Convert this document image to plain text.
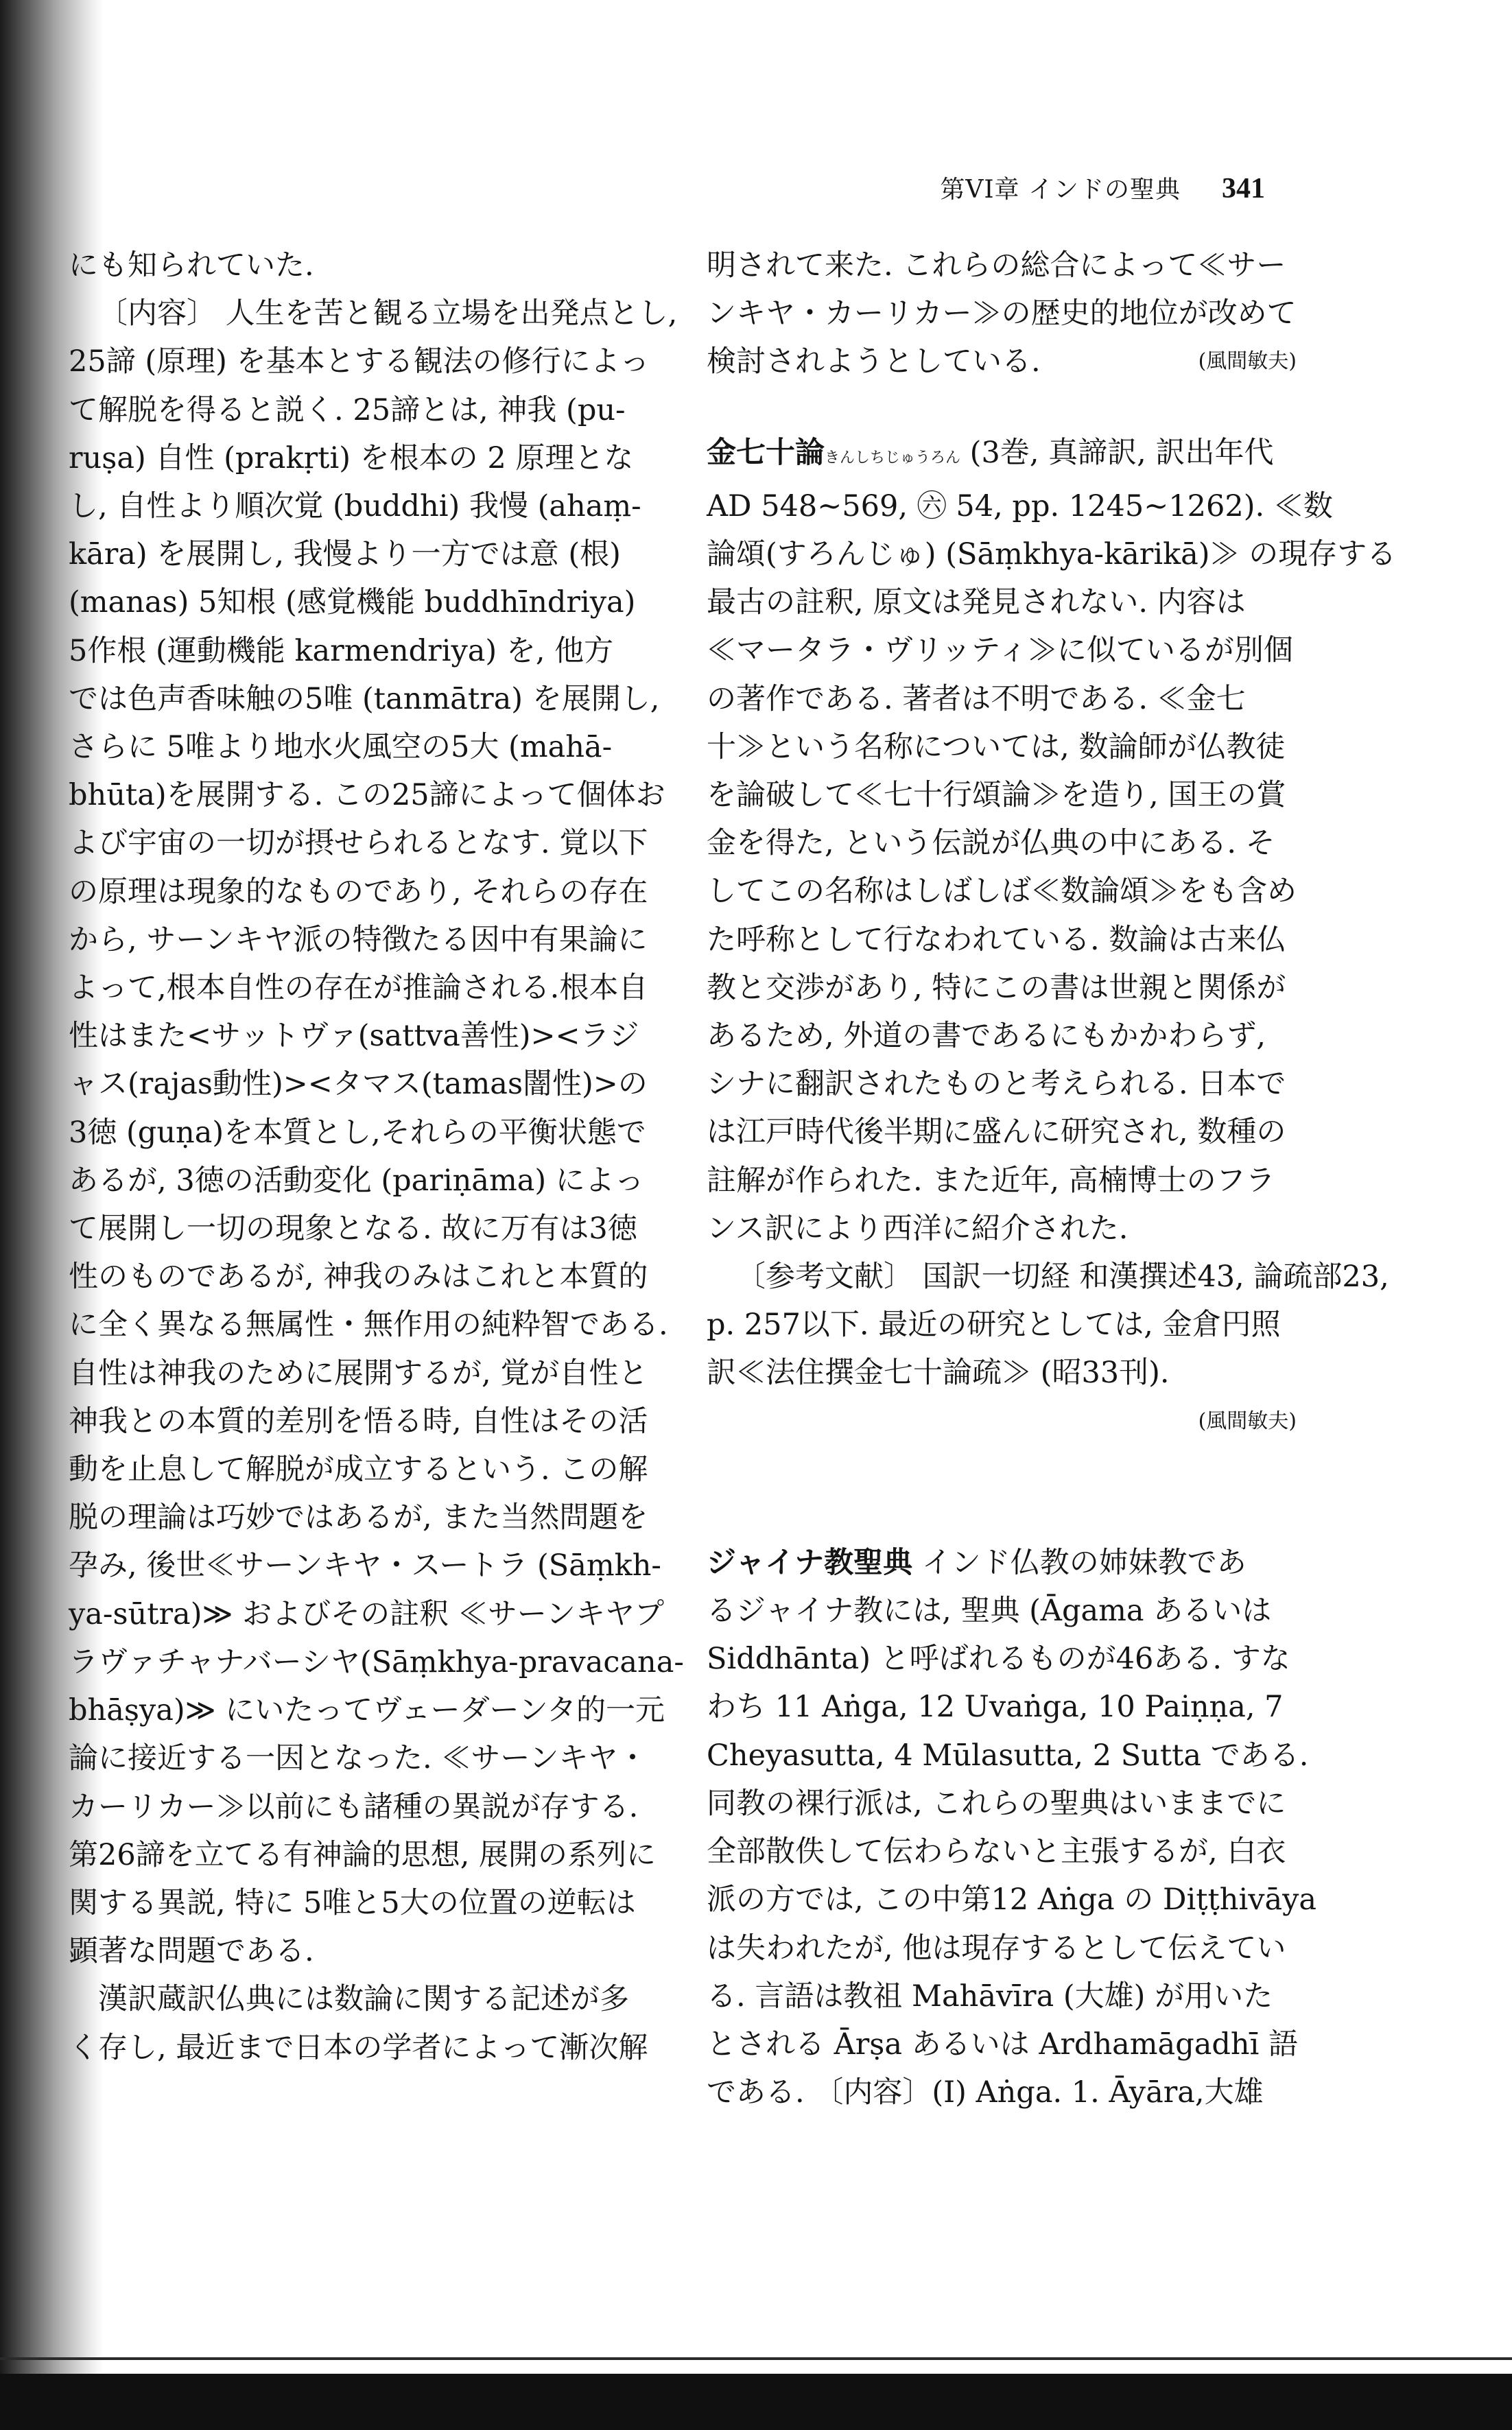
第VI章 インドの聖典 341
にも知られていた.
〔内容〕 人生を苦と観る立場を出発点とし,
25諦 (原理) を基本とする観法の修行によっ
て解脱を得ると説く. 25諦とは, 神我 (pu-
ruṣa) 自性 (prakṛti) を根本の 2 原理とな
し, 自性より順次覚 (buddhi) 我慢 (ahaṃ-
kāra) を展開し, 我慢より一方では意 (根)
(manas) 5知根 (感覚機能 buddhīndriya)
5作根 (運動機能 karmendriya) を, 他方
では色声香味触の5唯 (tanmātra) を展開し,
さらに 5唯より地水火風空の5大 (mahā-
bhūta)を展開する. この25諦によって個体お
よび宇宙の一切が摂せられるとなす. 覚以下
の原理は現象的なものであり, それらの存在
から, サーンキヤ派の特徴たる因中有果論に
よって,根本自性の存在が推論される.根本自
性はまた<サットヴァ(sattva善性)><ラジ
ャス(rajas動性)><タマス(tamas闇性)>の
3徳 (guṇa)を本質とし,それらの平衡状態で
あるが, 3徳の活動変化 (pariṇāma) によっ
て展開し一切の現象となる. 故に万有は3徳
性のものであるが, 神我のみはこれと本質的
に全く異なる無属性・無作用の純粋智である.
自性は神我のために展開するが, 覚が自性と
神我との本質的差別を悟る時, 自性はその活
動を止息して解脱が成立するという. この解
脱の理論は巧妙ではあるが, また当然問題を
孕み, 後世≪サーンキヤ・スートラ (Sāṃkh-
ya-sūtra)≫ およびその註釈 ≪サーンキヤプ
ラヴァチャナバーシヤ(Sāṃkhya-pravacana-
bhāṣya)≫ にいたってヴェーダーンタ的一元
論に接近する一因となった. ≪サーンキヤ・
カーリカー≫以前にも諸種の異説が存する.
第26諦を立てる有神論的思想, 展開の系列に
関する異説, 特に 5唯と5大の位置の逆転は
顕著な問題である.
漢訳蔵訳仏典には数論に関する記述が多
く存し, 最近まで日本の学者によって漸次解
明されて来た. これらの総合によって≪サー
ンキヤ・カーリカー≫の歴史的地位が改めて
検討されようとしている.	(風間敏夫)
金七十論きんしちじゅうろん (3巻, 真諦訳, 訳出年代
AD 548~569, ㊅ 54, pp. 1245~1262). ≪数
論頌(すろんじゅ) (Sāṃkhya-kārikā)≫ の現存する
最古の註釈, 原文は発見されない. 内容は
≪マータラ・ヴリッティ≫に似ているが別個
の著作である. 著者は不明である. ≪金七
十≫という名称については, 数論師が仏教徒
を論破して≪七十行頌論≫を造り, 国王の賞
金を得た, という伝説が仏典の中にある. そ
してこの名称はしばしば≪数論頌≫をも含め
た呼称として行なわれている. 数論は古来仏
教と交渉があり, 特にこの書は世親と関係が
あるため, 外道の書であるにもかかわらず,
シナに翻訳されたものと考えられる. 日本で
は江戸時代後半期に盛んに研究され, 数種の
註解が作られた. また近年, 高楠博士のフラ
ンス訳により西洋に紹介された.
〔参考文献〕 国訳一切経 和漢撰述43, 論疏部23,
p. 257以下. 最近の研究としては, 金倉円照
訳≪法住撰金七十論疏≫ (昭33刊).
(風間敏夫)
ジャイナ教聖典 インド仏教の姉妹教であ
るジャイナ教には, 聖典 (Āgama あるいは
Siddhānta) と呼ばれるものが46ある. すな
わち 11 Aṅga, 12 Uvaṅga, 10 Paiṇṇa, 7
Cheyasutta, 4 Mūlasutta, 2 Sutta である.
同教の裸行派は, これらの聖典はいままでに
全部散佚して伝わらないと主張するが, 白衣
派の方では, この中第12 Aṅga の Diṭṭhivāya
は失われたが, 他は現存するとして伝えてい
る. 言語は教祖 Mahāvīra (大雄) が用いた
とされる Ārṣa あるいは Ardhamāgadhī 語
である. 〔内容〕(I) Aṅga. 1. Āyāra,大雄
